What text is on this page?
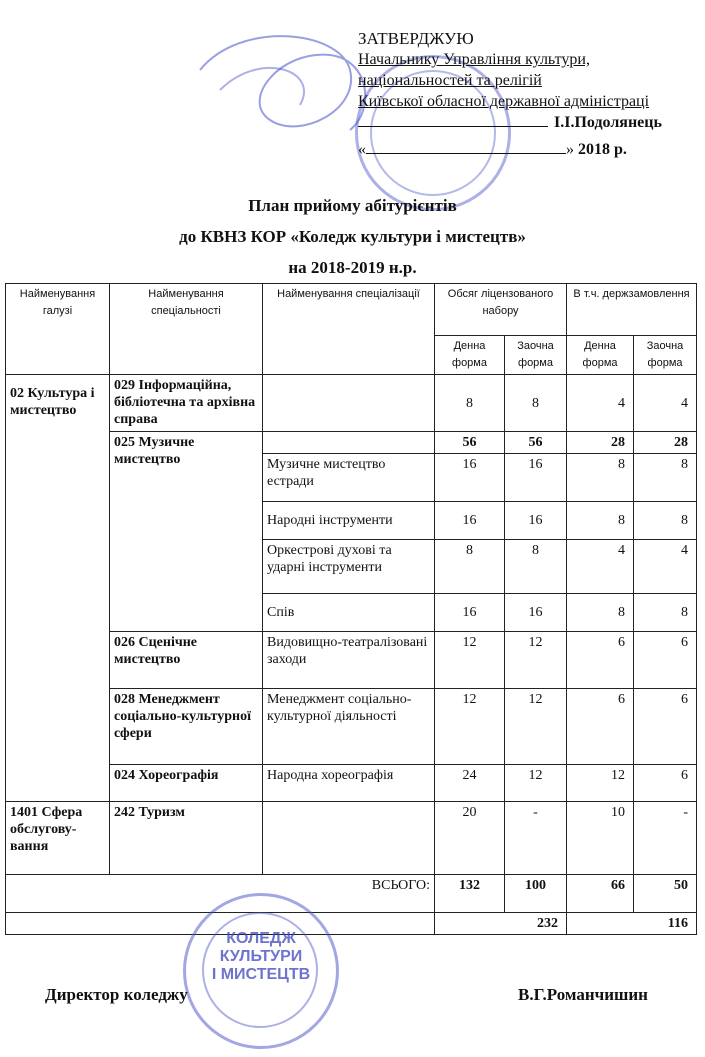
ЗАТВЕРДЖУЮ
Начальнику Управління культури,
національностей та релігій
Київської обласної державної адміністраці
І.І.Подолянець
«	» 2018 р.
План прийому абітурієнтів
до КВНЗ КОР «Коледж культури і мистецтв»
на 2018-2019 н.р.
Найменування галузі	Найменування спеціальності	Найменування спеціалізації	Обсяг ліцензованого набору		В т.ч. держзамовлення	
			Денна форма	Заочна форма	Денна форма	Заочна форма
02 Культура і мистецтво	029 Інформаційна, бібліотечна та архівна справа		8	8	4	4
	025 Музичне мистецтво		56	56	28	28
		Музичне мистецтво естради	16	16	8	8
		Народні інструменти	16	16	8	8
		Оркестрові духові та ударні інструменти	8	8	4	4
		Спів	16	16	8	8
	026 Сценічне мистецтво	Видовищно-театралізовані заходи	12	12	6	6
	028 Менеджмент соціально-культурної сфери	Менеджмент соціально-культурної діяльності	12	12	6	6
	024 Хореографія	Народна хореографія	24	12	12	6
1401 Сфера обслугову-вання	242 Туризм		20	-	10	-
ВСЬОГО:			132	100	66	50
			232		116	
КОЛЕДЖ
КУЛЬТУРИ
І МИСТЕЦТВ
Директор коледжу	В.Г.Романчишин
